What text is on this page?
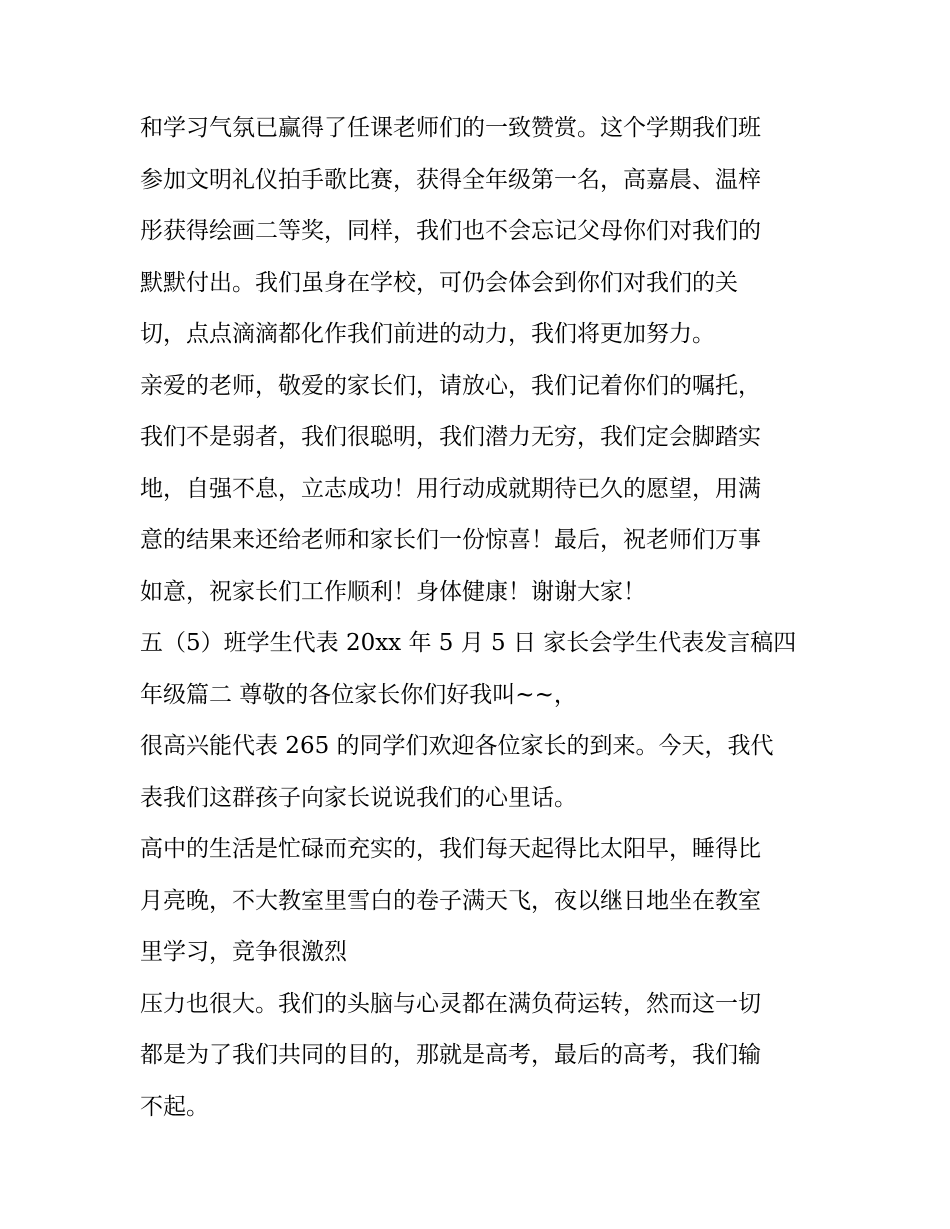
和学习气氛已赢得了任课老师们的一致赞赏。这个学期我们班
参加文明礼仪拍手歌比赛，获得全年级第一名，高嘉晨、温梓
彤获得绘画二等奖，同样，我们也不会忘记父母你们对我们的
默默付出。我们虽身在学校，可仍会体会到你们对我们的关
切，点点滴滴都化作我们前进的动力，我们将更加努力。
亲爱的老师，敬爱的家长们，请放心，我们记着你们的嘱托，
我们不是弱者，我们很聪明，我们潜力无穷，我们定会脚踏实
地，自强不息，立志成功！用行动成就期待已久的愿望，用满
意的结果来还给老师和家长们一份惊喜！最后，祝老师们万事
如意，祝家长们工作顺利！身体健康！谢谢大家！
五（5）班学生代表 20xx 年 5 月 5 日 家长会学生代表发言稿四
年级篇二 尊敬的各位家长你们好我叫~~，
很高兴能代表 265 的同学们欢迎各位家长的到来。今天，我代
表我们这群孩子向家长说说我们的心里话。
高中的生活是忙碌而充实的，我们每天起得比太阳早，睡得比
月亮晚，不大教室里雪白的卷子满天飞，夜以继日地坐在教室
里学习，竞争很激烈
压力也很大。我们的头脑与心灵都在满负荷运转，然而这一切
都是为了我们共同的目的，那就是高考，最后的高考，我们输
不起。
